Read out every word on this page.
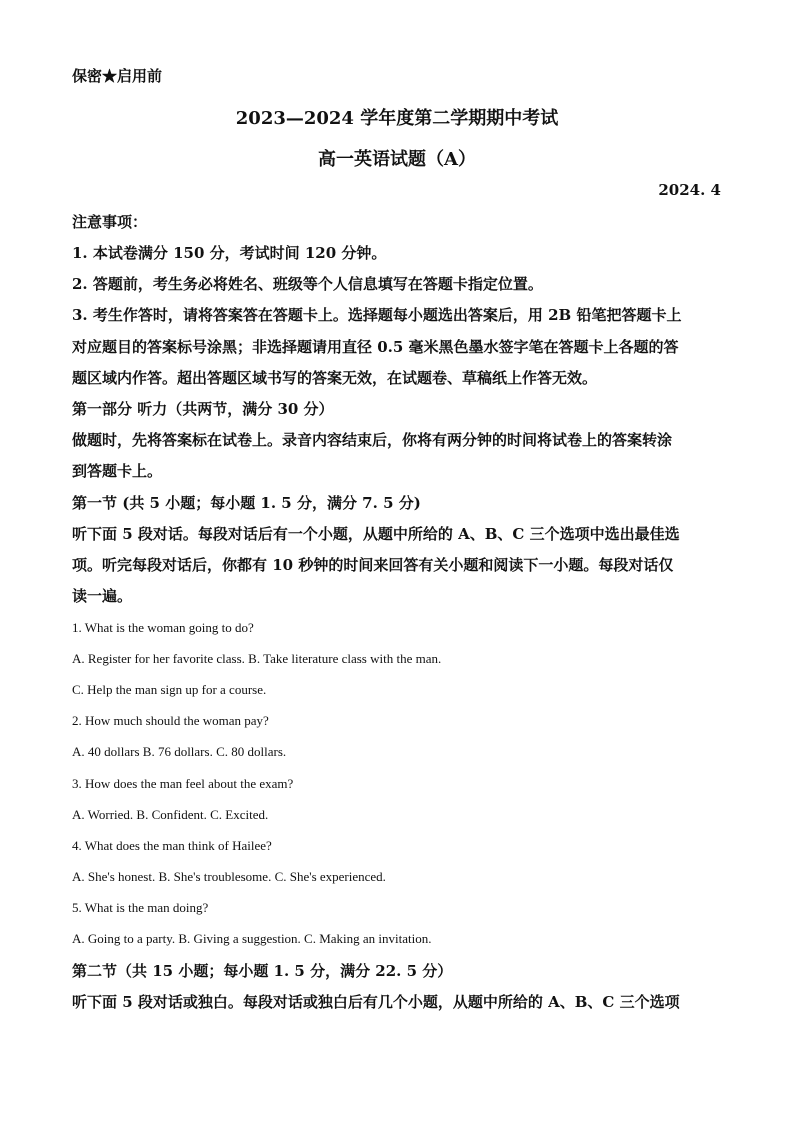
保密★启用前
2023—2024 学年度第二学期期中考试
高一英语试题（A）
2024. 4
注意事项：
1. 本试卷满分 150 分，考试时间 120 分钟。
2. 答题前，考生务必将姓名、班级等个人信息填写在答题卡指定位置。
3. 考生作答时，请将答案答在答题卡上。选择题每小题选出答案后，用 2B 铅笔把答题卡上
对应题目的答案标号涂黑；非选择题请用直径 0.5 毫米黑色墨水签字笔在答题卡上各题的答
题区域内作答。超出答题区域书写的答案无效，在试题卷、草稿纸上作答无效。
第一部分 听力（共两节，满分 30 分）
做题时，先将答案标在试卷上。录音内容结束后，你将有两分钟的时间将试卷上的答案转涂
到答题卡上。
第一节 (共 5 小题；每小题 1. 5 分，满分 7. 5 分)
听下面 5 段对话。每段对话后有一个小题，从题中所给的 A、B、C 三个选项中选出最佳选
项。听完每段对话后，你都有 10 秒钟的时间来回答有关小题和阅读下一小题。每段对话仅
读一遍。
1. What is the woman going to do?
A. Register for her favorite class. B. Take literature class with the man.
C. Help the man sign up for a course.
2. How much should the woman pay?
A. 40 dollars B. 76 dollars. C. 80 dollars.
3. How does the man feel about the exam?
A. Worried. B. Confident. C. Excited.
4. What does the man think of Hailee?
A. She's honest. B. She's troublesome. C. She's experienced.
5. What is the man doing?
A. Going to a party. B. Giving a suggestion. C. Making an invitation.
第二节（共 15 小题；每小题 1. 5 分，满分 22. 5 分）
听下面 5 段对话或独白。每段对话或独白后有几个小题，从题中所给的 A、B、C 三个选项
